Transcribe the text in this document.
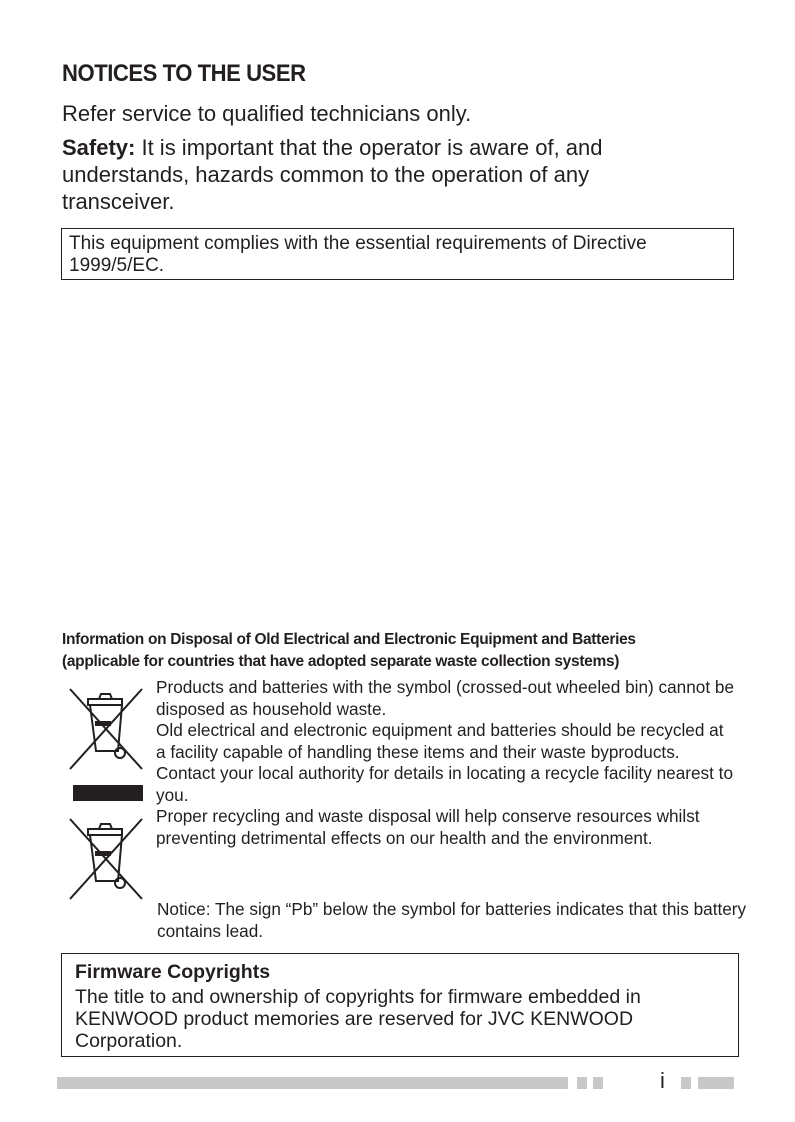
NOTICES TO THE USER
Refer service to qualified technicians only.
Safety: It is important that the operator is aware of, and understands, hazards common to the operation of any transceiver.
This equipment complies with the essential requirements of Directive 1999/5/EC.
Information on Disposal of Old Electrical and Electronic Equipment and Batteries
(applicable for countries that have adopted separate waste collection systems)

Products and batteries with the symbol (crossed-out wheeled bin) cannot be disposed as household waste.

Old electrical and electronic equipment and batteries should be recycled at a facility capable of handling these items and their waste byproducts.

Contact your local authority for details in locating a recycle facility nearest to you.

Proper recycling and waste disposal will help conserve resources whilst preventing detrimental effects on our health and the environment.

Notice: The sign “Pb” below the symbol for batteries indicates that this battery contains lead.

Firmware Copyrights

The title to and ownership of copyrights for firmware embedded in KENWOOD product memories are reserved for JVC KENWOOD Corporation.

i
